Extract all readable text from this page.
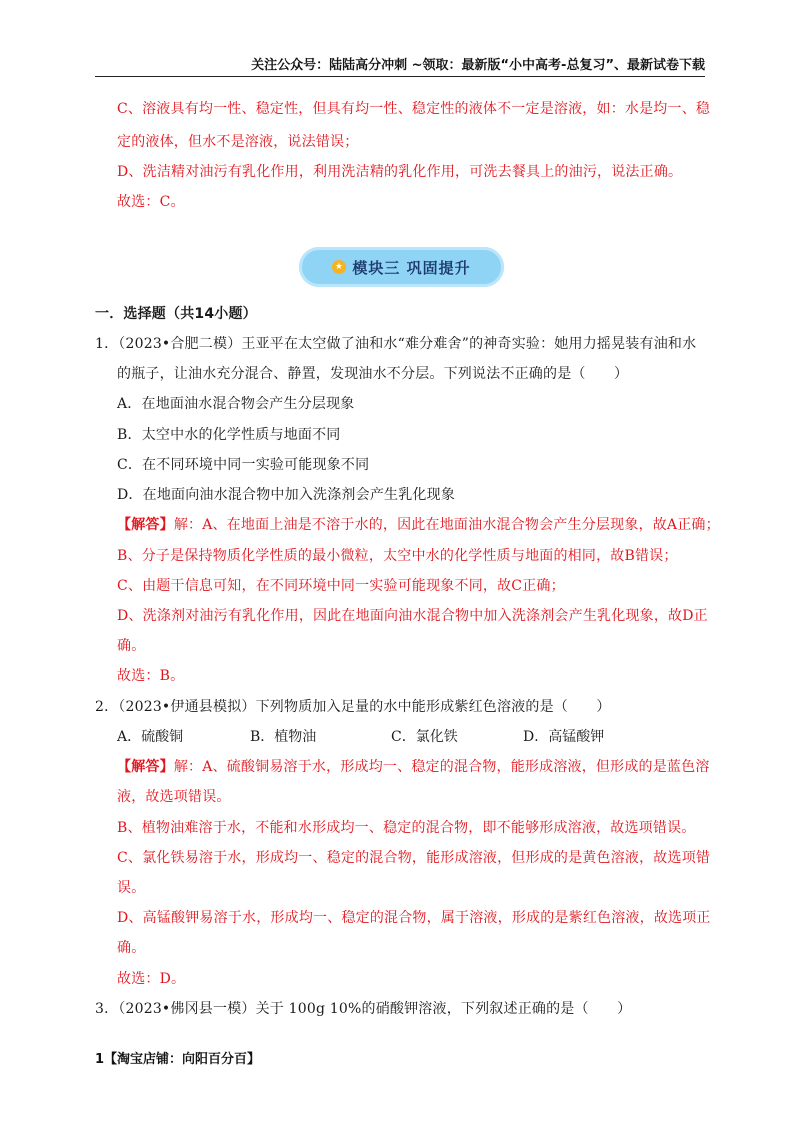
关注公众号：陆陆高分冲刺 ~领取：最新版“小中高考-总复习”、最新试卷下载
C、溶液具有均一性、稳定性，但具有均一性、稳定性的液体不一定是溶液，如：水是均一、稳
定的液体，但水不是溶液，说法错误；
D、洗洁精对油污有乳化作用，利用洗洁精的乳化作用，可洗去餐具上的油污，说法正确。
故选：C。
★ 模块三 巩固提升
一．选择题（共14小题）
1．（2023•合肥二模）王亚平在太空做了油和水“难分难舍”的神奇实验：她用力摇晃装有油和水
的瓶子，让油水充分混合、静置，发现油水不分层。下列说法不正确的是（　　）
A．在地面油水混合物会产生分层现象
B．太空中水的化学性质与地面不同
C．在不同环境中同一实验可能现象不同
D．在地面向油水混合物中加入洗涤剂会产生乳化现象
【解答】解：A、在地面上油是不溶于水的，因此在地面油水混合物会产生分层现象，故A正确；
B、分子是保持物质化学性质的最小微粒，太空中水的化学性质与地面的相同，故B错误；
C、由题干信息可知，在不同环境中同一实验可能现象不同，故C正确；
D、洗涤剂对油污有乳化作用，因此在地面向油水混合物中加入洗涤剂会产生乳化现象，故D正
确。
故选：B。
2．（2023•伊通县模拟）下列物质加入足量的水中能形成紫红色溶液的是（　　）
A．硫酸铜	B．植物油	C．氯化铁	D．高锰酸钾
【解答】解：A、硫酸铜易溶于水，形成均一、稳定的混合物，能形成溶液，但形成的是蓝色溶
液，故选项错误。
B、植物油难溶于水，不能和水形成均一、稳定的混合物，即不能够形成溶液，故选项错误。
C、氯化铁易溶于水，形成均一、稳定的混合物，能形成溶液，但形成的是黄色溶液，故选项错
误。
D、高锰酸钾易溶于水，形成均一、稳定的混合物，属于溶液，形成的是紫红色溶液，故选项正
确。
故选：D。
3．（2023•佛冈县一模）关于 100g 10%的硝酸钾溶液，下列叙述正确的是（　　）
1【淘宝店铺：向阳百分百】
